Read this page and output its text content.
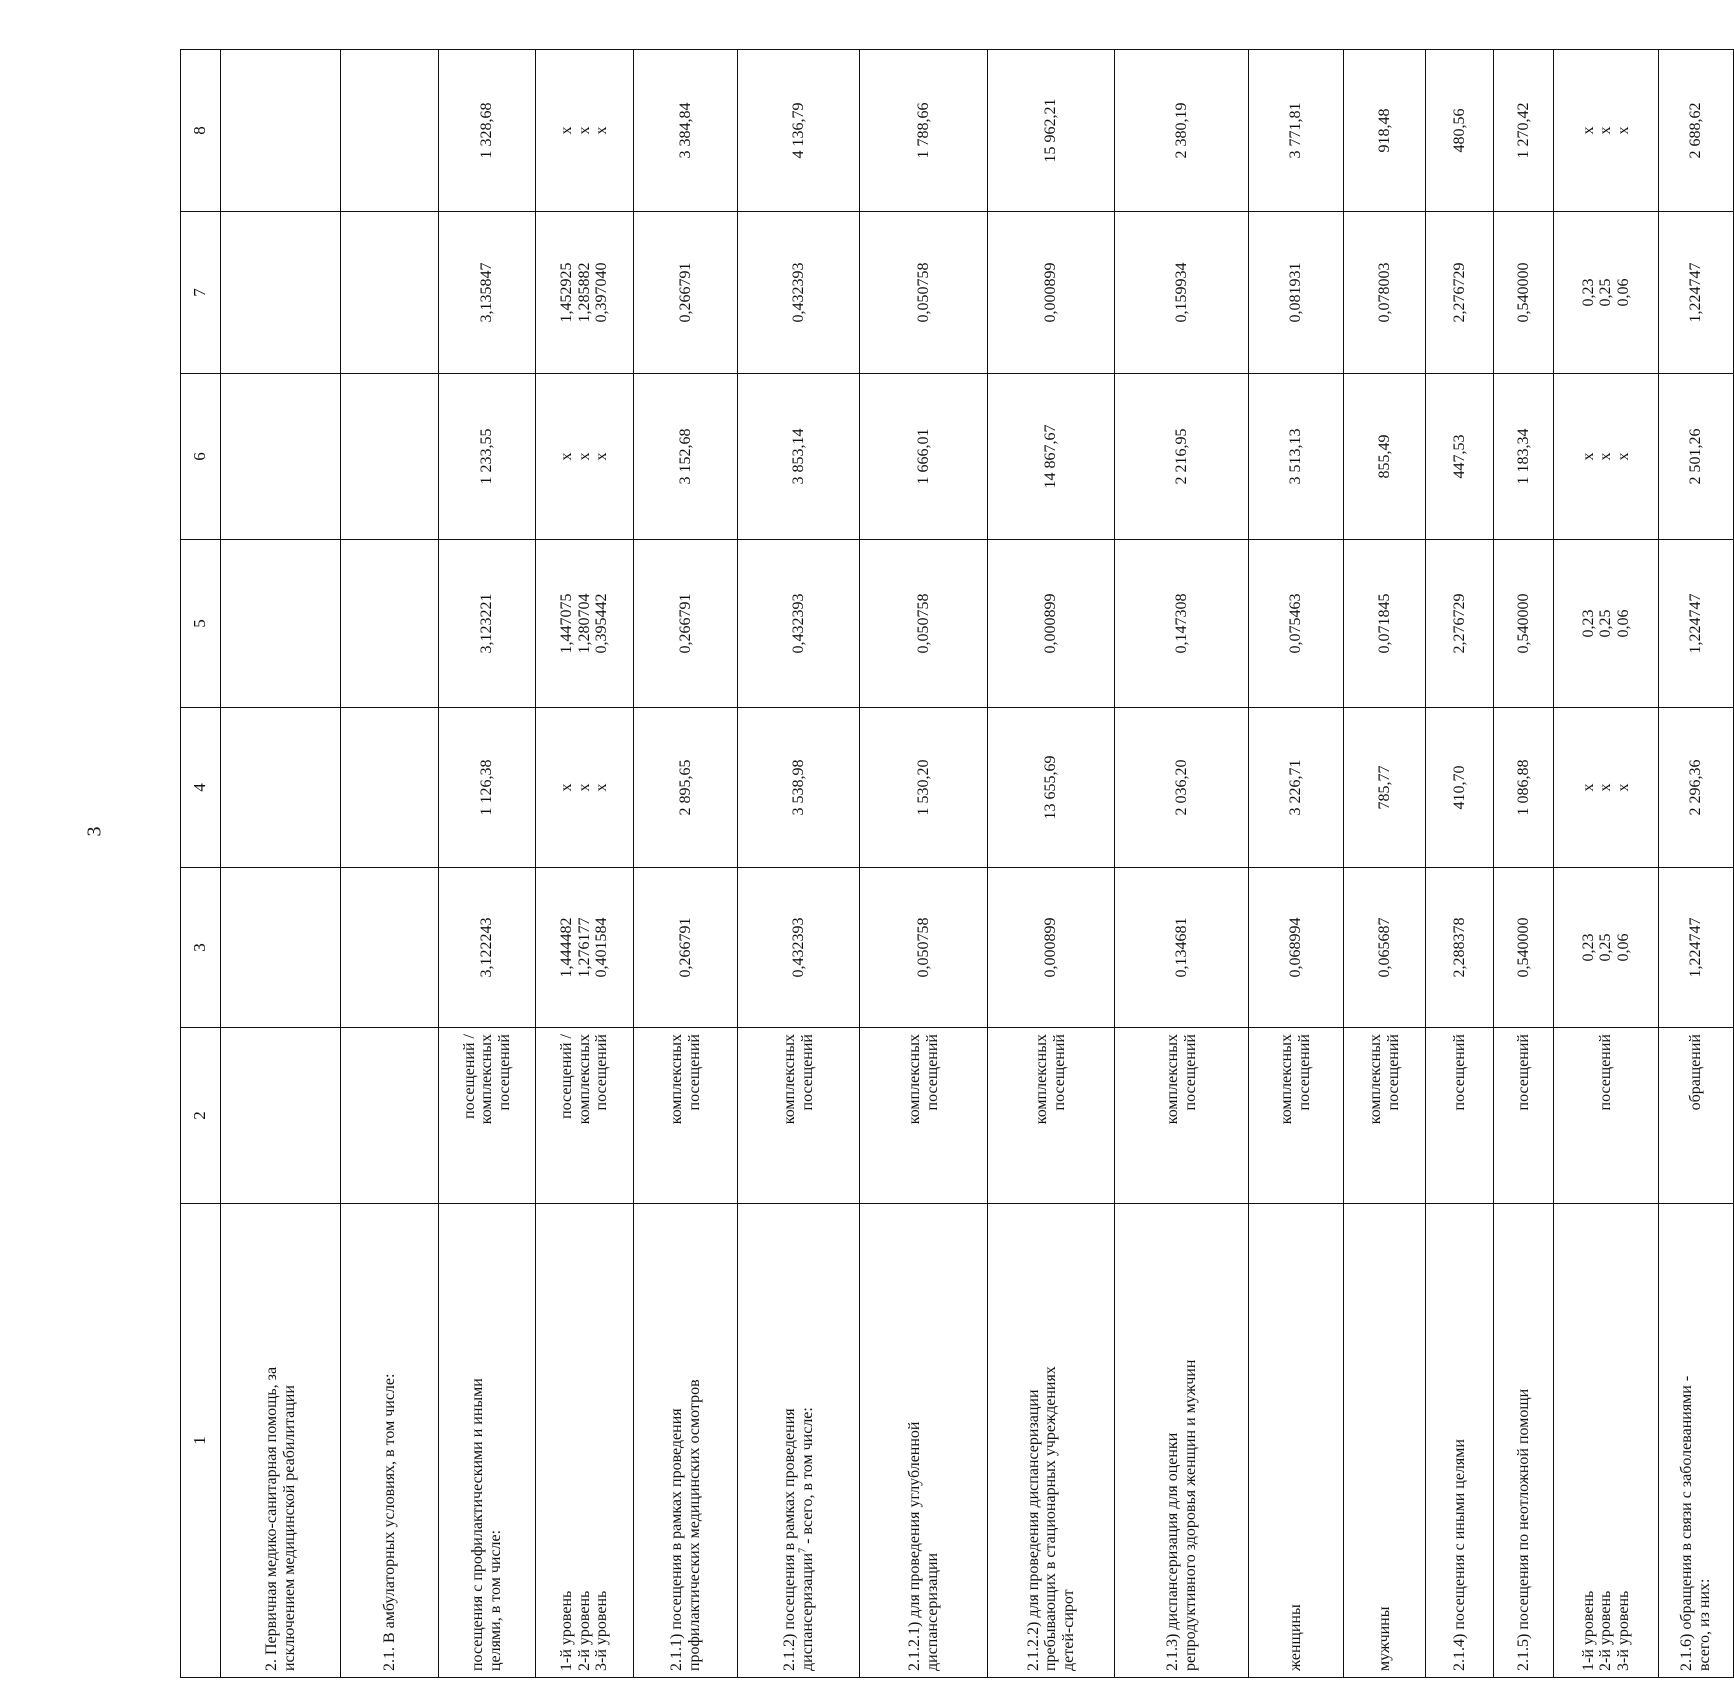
3
1	2	3	4	5	6	7	8
2. Первичная медико-санитарная помощь, за
исключением медицинской реабилитации							
2.1. В амбулаторных условиях, в том числе:							
посещения с профилактическими и иными
целями, в том числе:	посещений /
комплексных
посещений	3,122243	1 126,38	3,123221	1 233,55	3,135847	1 328,68
1-й уровень
2-й уровень
3-й уровень	посещений /
комплексных
посещений	1,444482
1,276177
0,401584	х
х
х	1,447075
1,280704
0,395442	х
х
х	1,452925
1,285882
0,397040	х
х
х
2.1.1) посещения в рамках проведения
профилактических медицинских осмотров	комплексных
посещений	0,266791	2 895,65	0,266791	3 152,68	0,266791	3 384,84
2.1.2) посещения в рамках проведения
диспансеризации$^7$ - всего, в том числе:	комплексных
посещений	0,432393	3 538,98	0,432393	3 853,14	0,432393	4 136,79
2.1.2.1) для проведения углубленной
диспансеризации	комплексных
посещений	0,050758	1 530,20	0,050758	1 666,01	0,050758	1 788,66
2.1.2.2) для проведения диспансеризации
пребывающих в стационарных учреждениях
детей-сирот	комплексных
посещений	0,000899	13 655,69	0,000899	14 867,67	0,000899	15 962,21
2.1.3) диспансеризация для оценки
репродуктивного здоровья женщин и мужчин	комплексных
посещений	0,134681	2 036,20	0,147308	2 216,95	0,159934	2 380,19
женщины	комплексных
посещений	0,068994	3 226,71	0,075463	3 513,13	0,081931	3 771,81
мужчины	комплексных
посещений	0,065687	785,77	0,071845	855,49	0,078003	918,48
2.1.4) посещения с иными целями	посещений	2,288378	410,70	2,276729	447,53	2,276729	480,56
2.1.5) посещения по неотложной помощи	посещений	0,540000	1 086,88	0,540000	1 183,34	0,540000	1 270,42
1-й уровень
2-й уровень
3-й уровень	посещений	0,23
0,25
0,06	х
х
х	0,23
0,25
0,06	х
х
х	0,23
0,25
0,06	х
х
х
2.1.6) обращения в связи с заболеваниями -
всего, из них:	обращений	1,224747	2 296,36	1,224747	2 501,26	1,224747	2 688,62
